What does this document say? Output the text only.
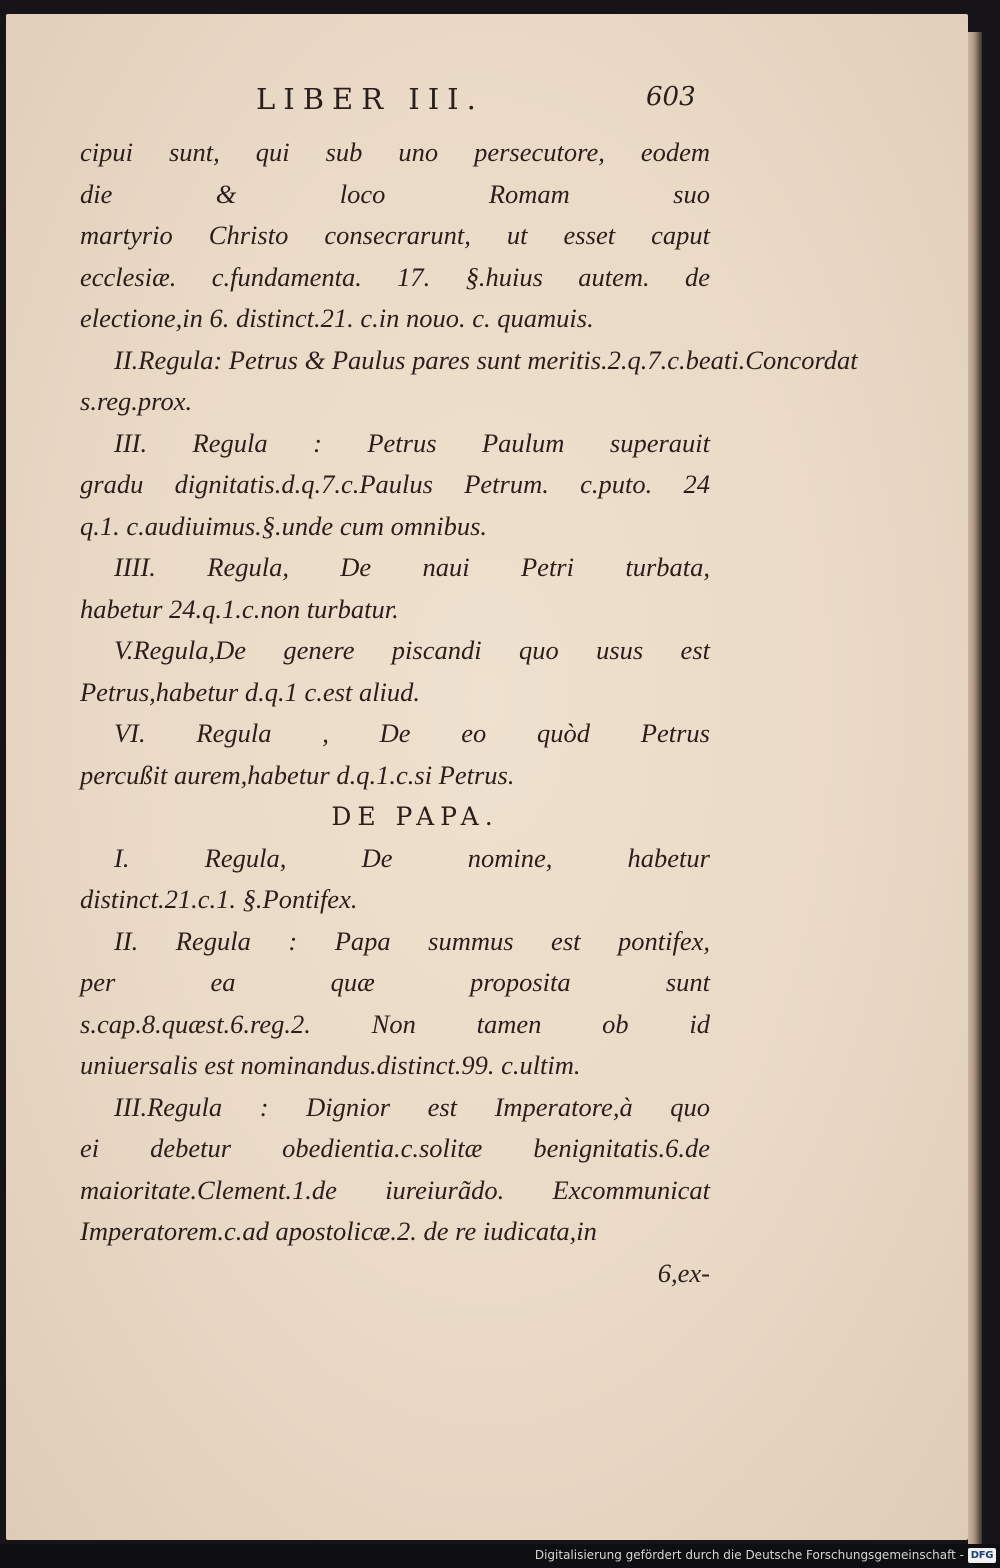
LIBER III.	603
cipui sunt, qui sub uno persecutore, eodem
die & loco Romam suo
martyrio Christo consecrarunt, ut esset caput
ecclesiæ. c.fundamenta. 17. §.huius autem. de
electione,in 6. distinct.21. c.in nouo. c. quamuis.
II.Regula: Petrus & Paulus pares sunt meritis.2.q.7.c.beati.Concordat
s.reg.prox.
III. Regula : Petrus Paulum superauit
gradu dignitatis.d.q.7.c.Paulus Petrum. c.puto. 24
q.1. c.audiuimus.§.unde cum omnibus.
IIII. Regula, De naui Petri turbata,
habetur 24.q.1.c.non turbatur.
V.Regula,De genere piscandi quo usus est
Petrus,habetur d.q.1 c.est aliud.
VI. Regula , De eo quòd Petrus
percußit aurem,habetur d.q.1.c.si Petrus.
DE PAPA.
I. Regula, De nomine, habetur
distinct.21.c.1. §.Pontifex.
II. Regula : Papa summus est pontifex,
per ea quæ proposita sunt
s.cap.8.quæst.6.reg.2. Non tamen ob id
uniuersalis est nominandus.distinct.99. c.ultim.
III.Regula : Dignior est Imperatore,à quo
ei debetur obedientia.c.solitæ benignitatis.6.de
maioritate.Clement.1.de iureiurãdo. Excommunicat
Imperatorem.c.ad apostolicæ.2. de re iudicata,in
6,ex-
Digitalisierung gefördert durch die Deutsche Forschungsgemeinschaft - DFG
